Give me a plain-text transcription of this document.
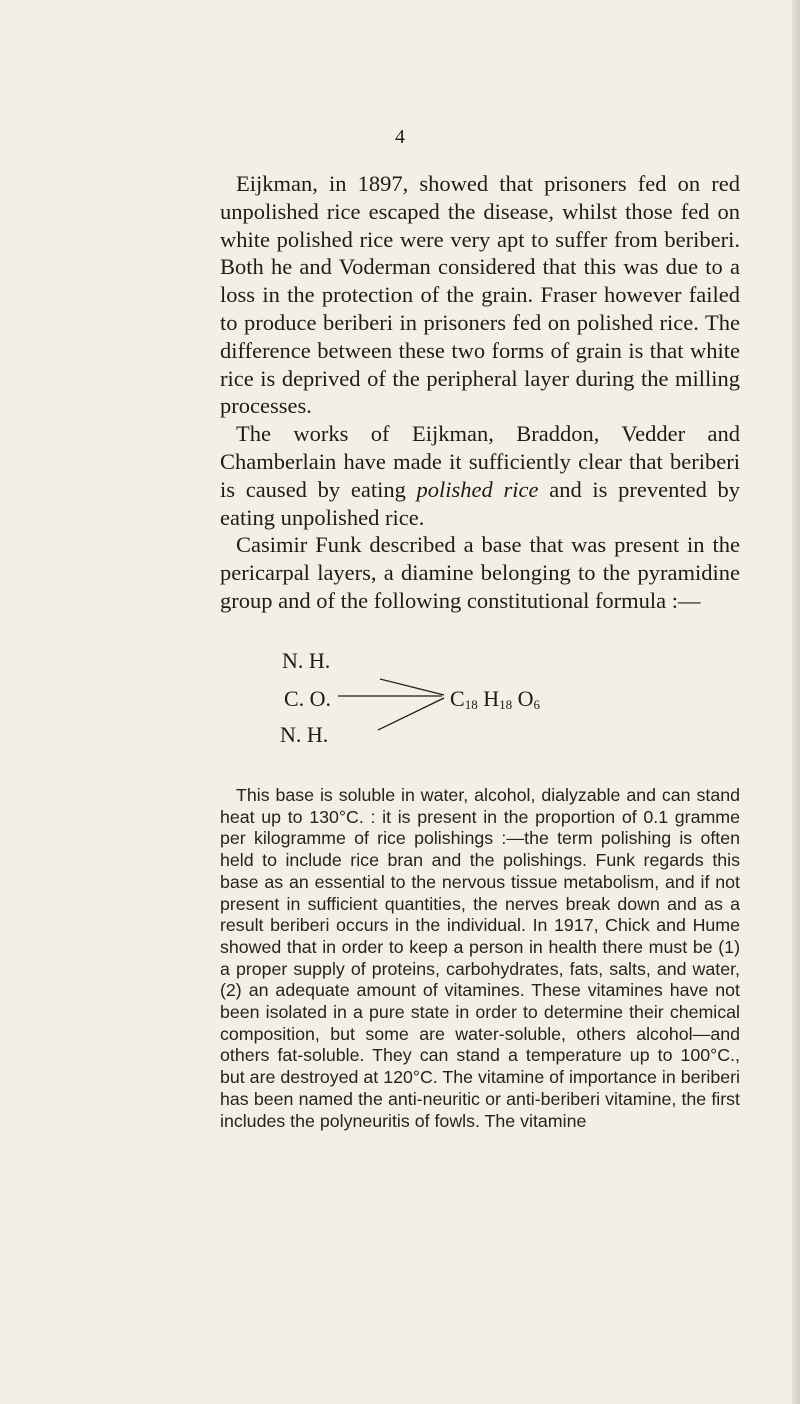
4

Eijkman, in 1897, showed that prisoners fed on red unpolished rice escaped the disease, whilst those fed on white polished rice were very apt to suffer from beriberi. Both he and Voderman considered that this was due to a loss in the protection of the grain. Fraser however failed to produce beriberi in prisoners fed on polished rice. The difference between these two forms of grain is that white rice is deprived of the peripheral layer during the milling processes.

The works of Eijkman, Braddon, Vedder and Chamberlain have made it sufficiently clear that beriberi is caused by eating polished rice and is prevented by eating unpolished rice.

Casimir Funk described a base that was present in the pericarpal layers, a diamine belonging to the pyramidine group and of the following constitutional formula :—

N. H.
C. O.
N. H.
$C_{18}$ $H_{18}$ $O_6$

This base is soluble in water, alcohol, dialyzable and can stand heat up to 130°C. : it is present in the proportion of 0.1 gramme per kilogramme of rice polishings :—the term polishing is often held to include rice bran and the polishings. Funk regards this base as an essential to the nervous tissue metabolism, and if not present in sufficient quantities, the nerves break down and as a result beriberi occurs in the individual. In 1917, Chick and Hume showed that in order to keep a person in health there must be (1) a proper supply of proteins, carbohydrates, fats, salts, and water, (2) an adequate amount of vitamines. These vitamines have not been isolated in a pure state in order to determine their chemical composition, but some are water-soluble, others alcohol—and others fat-soluble. They can stand a temperature up to 100°C., but are destroyed at 120°C. The vitamine of importance in beriberi has been named the anti-neuritic or anti-beriberi vitamine, the first includes the polyneuritis of fowls. The vitamine
